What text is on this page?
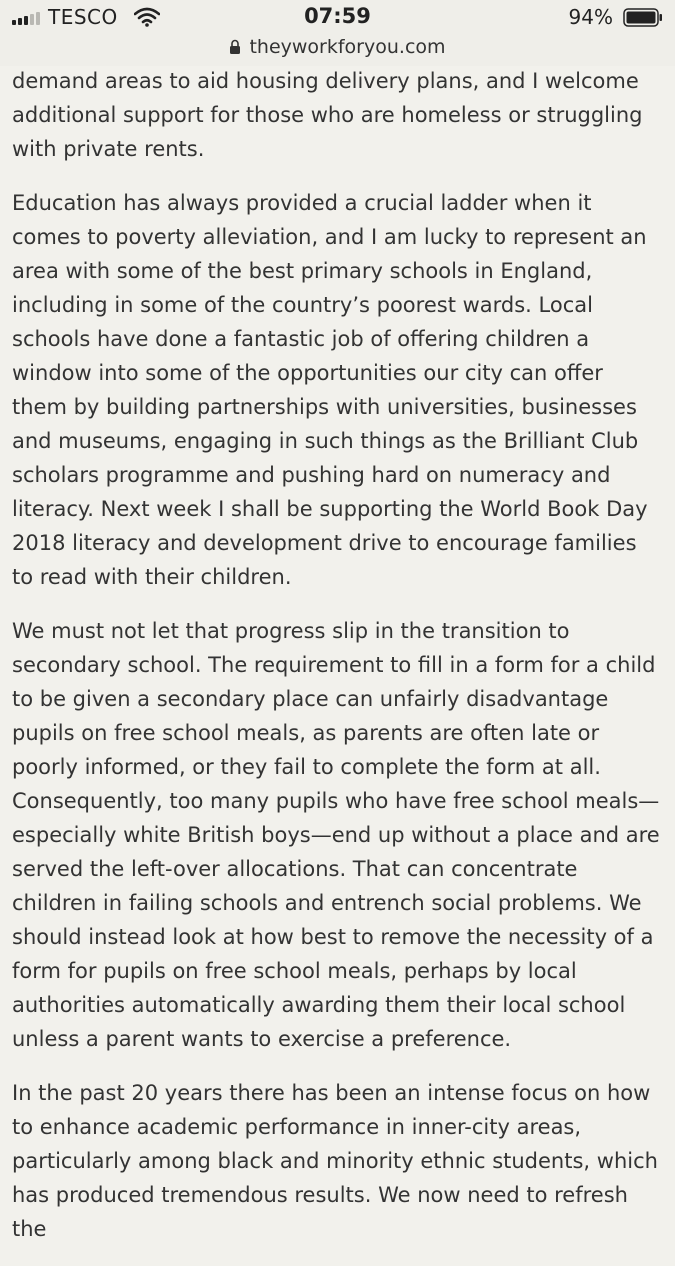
TESCO	07:59	94%
theyworkforyou.com

demand areas to aid housing delivery plans, and I welcome additional support for those who are homeless or struggling with private rents.

Education has always provided a crucial ladder when it comes to poverty alleviation, and I am lucky to represent an area with some of the best primary schools in England, including in some of the country’s poorest wards. Local schools have done a fantastic job of offering children a window into some of the opportunities our city can offer them by building partnerships with universities, businesses and museums, engaging in such things as the Brilliant Club scholars programme and pushing hard on numeracy and literacy. Next week I shall be supporting the World Book Day 2018 literacy and development drive to encourage families to read with their children.

We must not let that progress slip in the transition to secondary school. The requirement to fill in a form for a child to be given a secondary place can unfairly disadvantage pupils on free school meals, as parents are often late or poorly informed, or they fail to complete the form at all. Consequently, too many pupils who have free school meals—especially white British boys—end up without a place and are served the left-over allocations. That can concentrate children in failing schools and entrench social problems. We should instead look at how best to remove the necessity of a form for pupils on free school meals, perhaps by local authorities automatically awarding them their local school unless a parent wants to exercise a preference.

In the past 20 years there has been an intense focus on how to enhance academic performance in inner-city areas, particularly among black and minority ethnic students, which has produced tremendous results. We now need to refresh the
